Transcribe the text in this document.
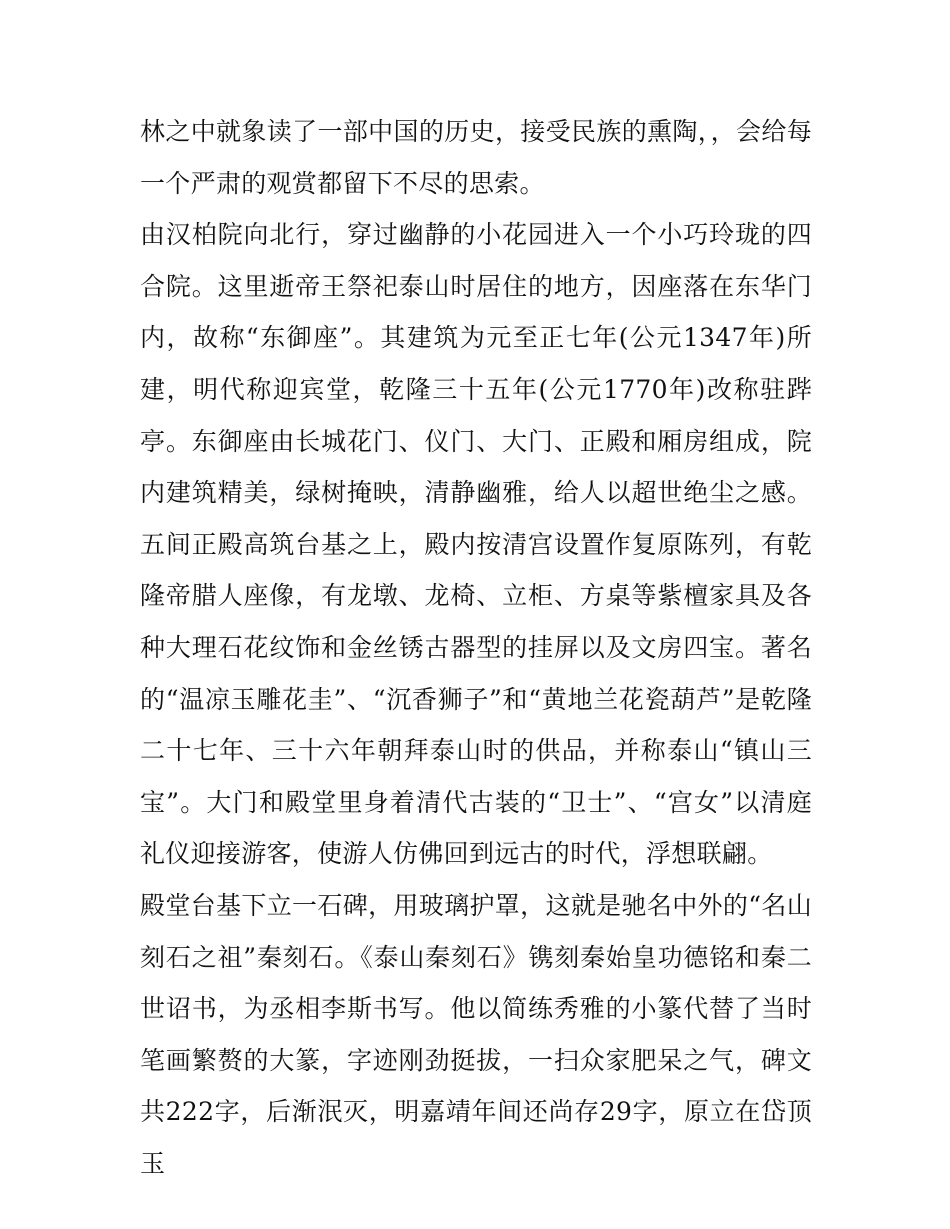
林之中就象读了一部中国的历史，接受民族的熏陶，，会给每一个严肃的观赏都留下不尽的思索。

由汉柏院向北行，穿过幽静的小花园进入一个小巧玲珑的四合院。这里逝帝王祭祀泰山时居住的地方，因座落在东华门内，故称“东御座”。其建筑为元至正七年(公元1347年)所建，明代称迎宾堂，乾隆三十五年(公元1770年)改称驻跸亭。东御座由长城花门、仪门、大门、正殿和厢房组成，院内建筑精美，绿树掩映，清静幽雅，给人以超世绝尘之感。五间正殿高筑台基之上，殿内按清宫设置作复原陈列，有乾隆帝腊人座像，有龙墩、龙椅、立柜、方桌等紫檀家具及各种大理石花纹饰和金丝锈古器型的挂屏以及文房四宝。著名的“温凉玉雕花圭”、“沉香狮子”和“黄地兰花瓷葫芦”是乾隆二十七年、三十六年朝拜泰山时的供品，并称泰山“镇山三宝”。大门和殿堂里身着清代古装的“卫士”、“宫女”以清庭礼仪迎接游客，使游人仿佛回到远古的时代，浮想联翩。

殿堂台基下立一石碑，用玻璃护罩，这就是驰名中外的“名山刻石之祖”秦刻石。《泰山秦刻石》镌刻秦始皇功德铭和秦二世诏书，为丞相李斯书写。他以简练秀雅的小篆代替了当时笔画繁赘的大篆，字迹刚劲挺拔，一扫众家肥呆之气，碑文共222字，后渐泯灭，明嘉靖年间还尚存29字，原立在岱顶玉
